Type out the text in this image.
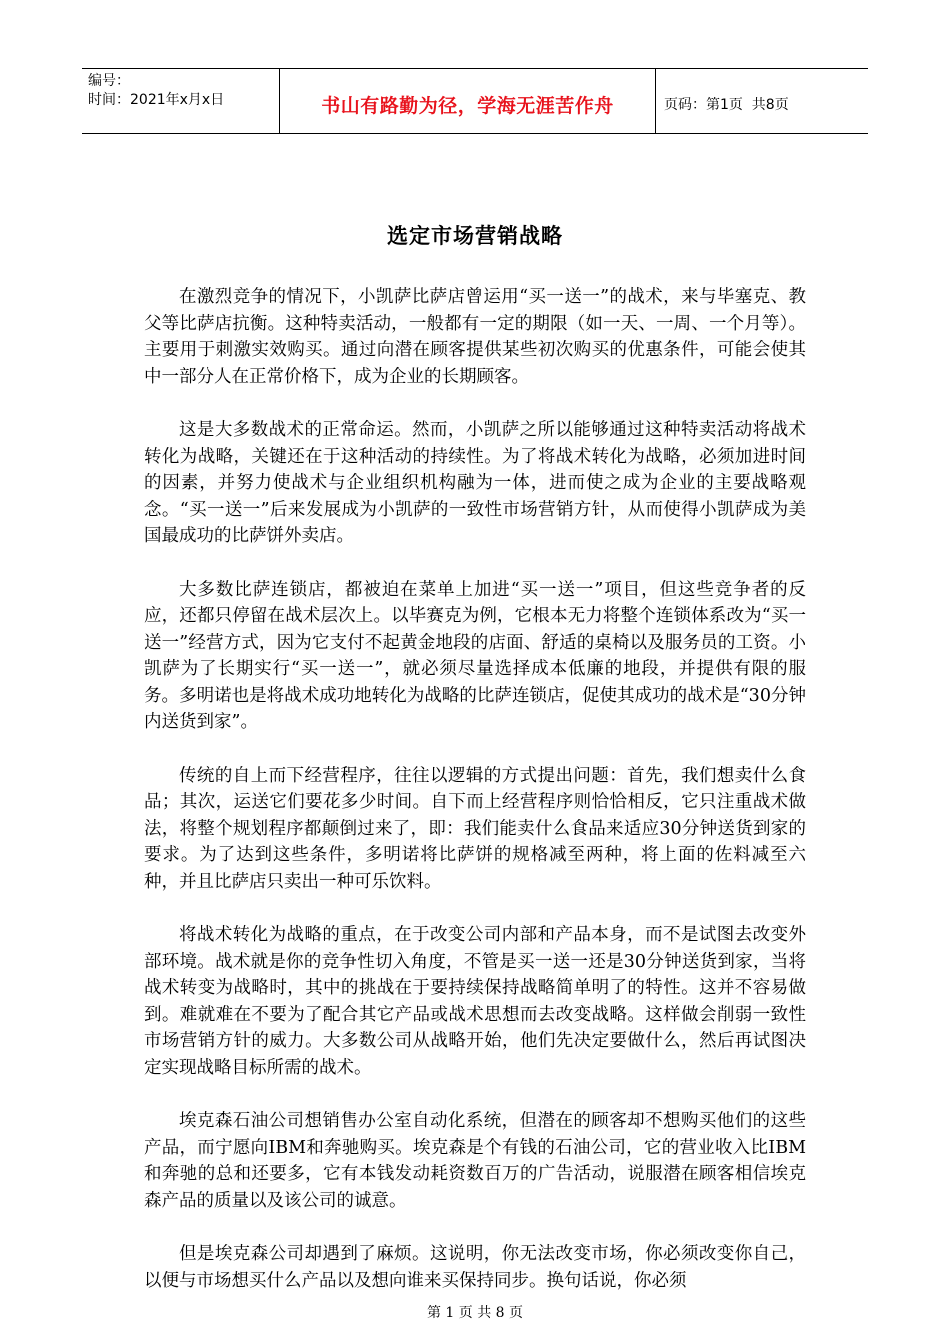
编号：
时间：2021年x月x日	书山有路勤为径，学海无涯苦作舟	页码：第1页  共8页
选定市场营销战略

在激烈竞争的情况下，小凯萨比萨店曾运用“买一送一”的战术，来与毕塞克、教父等比萨店抗衡。这种特卖活动，一般都有一定的期限（如一天、一周、一个月等）。主要用于刺激实效购买。通过向潜在顾客提供某些初次购买的优惠条件，可能会使其中一部分人在正常价格下，成为企业的长期顾客。

这是大多数战术的正常命运。然而，小凯萨之所以能够通过这种特卖活动将战术转化为战略，关键还在于这种活动的持续性。为了将战术转化为战略，必须加进时间的因素，并努力使战术与企业组织机构融为一体，进而使之成为企业的主要战略观念。“买一送一”后来发展成为小凯萨的一致性市场营销方针，从而使得小凯萨成为美国最成功的比萨饼外卖店。

大多数比萨连锁店，都被迫在菜单上加进“买一送一”项目，但这些竞争者的反应，还都只停留在战术层次上。以毕赛克为例，它根本无力将整个连锁体系改为“买一送一”经营方式，因为它支付不起黄金地段的店面、舒适的桌椅以及服务员的工资。小凯萨为了长期实行“买一送一”，就必须尽量选择成本低廉的地段，并提供有限的服务。多明诺也是将战术成功地转化为战略的比萨连锁店，促使其成功的战术是“30分钟内送货到家”。

传统的自上而下经营程序，往往以逻辑的方式提出问题：首先，我们想卖什么食品；其次，运送它们要花多少时间。自下而上经营程序则恰恰相反，它只注重战术做法，将整个规划程序都颠倒过来了，即：我们能卖什么食品来适应30分钟送货到家的要求。为了达到这些条件，多明诺将比萨饼的规格减至两种，将上面的佐料减至六种，并且比萨店只卖出一种可乐饮料。

将战术转化为战略的重点，在于改变公司内部和产品本身，而不是试图去改变外部环境。战术就是你的竞争性切入角度，不管是买一送一还是30分钟送货到家，当将战术转变为战略时，其中的挑战在于要持续保持战略简单明了的特性。这并不容易做到。难就难在不要为了配合其它产品或战术思想而去改变战略。这样做会削弱一致性市场营销方针的威力。大多数公司从战略开始，他们先决定要做什么，然后再试图决定实现战略目标所需的战术。

埃克森石油公司想销售办公室自动化系统，但潜在的顾客却不想购买他们的这些产品，而宁愿向IBM和奔驰购买。埃克森是个有钱的石油公司，它的营业收入比IBM和奔驰的总和还要多，它有本钱发动耗资数百万的广告活动，说服潜在顾客相信埃克森产品的质量以及该公司的诚意。

但是埃克森公司却遇到了麻烦。这说明，你无法改变市场，你必须改变你自己，以便与市场想买什么产品以及想向谁来买保持同步。换句话说，你必须

第 1 页 共 8 页
